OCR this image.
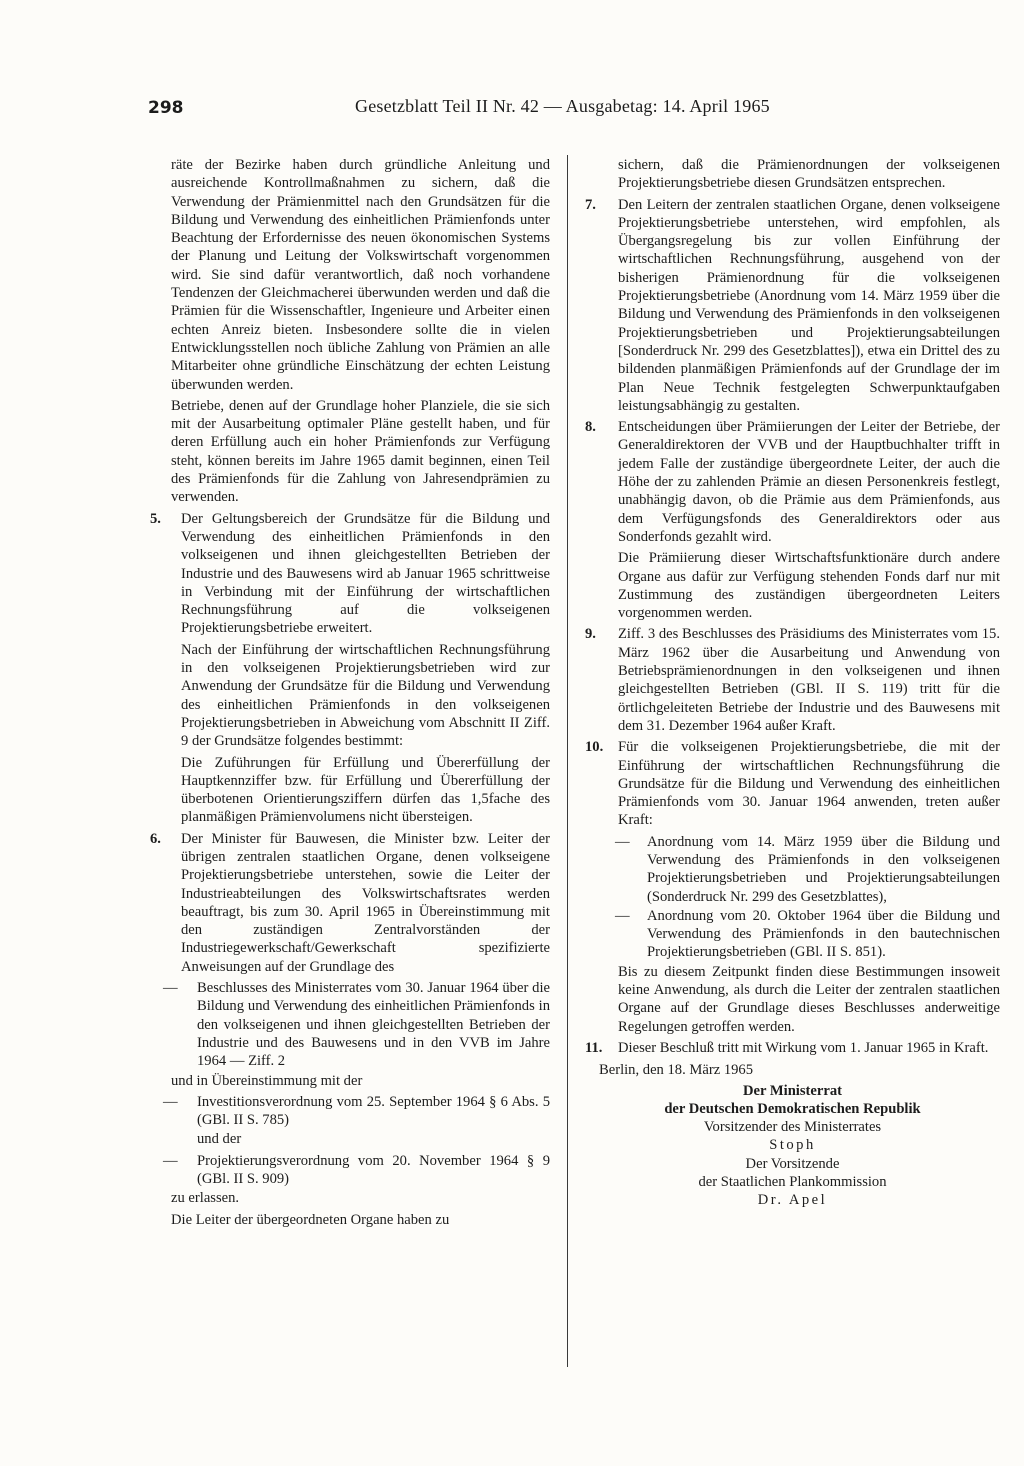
298	Gesetzblatt Teil II Nr. 42 — Ausgabetag: 14. April 1965

räte der Bezirke haben durch gründliche Anleitung und ausreichende Kontrollmaßnahmen zu sichern, daß die Verwendung der Prämienmittel nach den Grundsätzen für die Bildung und Verwendung des einheitlichen Prämienfonds unter Beachtung der Erfordernisse des neuen ökonomischen Systems der Planung und Leitung der Volkswirtschaft vorgenommen wird. Sie sind dafür verantwortlich, daß noch vorhandene Tendenzen der Gleichmacherei überwunden werden und daß die Prämien für die Wissenschaftler, Ingenieure und Arbeiter einen echten Anreiz bieten. Insbesondere sollte die in vielen Entwicklungsstellen noch übliche Zahlung von Prämien an alle Mitarbeiter ohne gründliche Einschätzung der echten Leistung überwunden werden.

Betriebe, denen auf der Grundlage hoher Planziele, die sie sich mit der Ausarbeitung optimaler Pläne gestellt haben, und für deren Erfüllung auch ein hoher Prämienfonds zur Verfügung steht, können bereits im Jahre 1965 damit beginnen, einen Teil des Prämienfonds für die Zahlung von Jahresendprämien zu verwenden.

5. Der Geltungsbereich der Grundsätze für die Bildung und Verwendung des einheitlichen Prämienfonds in den volkseigenen und ihnen gleichgestellten Betrieben der Industrie und des Bauwesens wird ab Januar 1965 schrittweise in Verbindung mit der Einführung der wirtschaftlichen Rechnungsführung auf die volkseigenen Projektierungsbetriebe erweitert.

Nach der Einführung der wirtschaftlichen Rechnungsführung in den volkseigenen Projektierungsbetrieben wird zur Anwendung der Grundsätze für die Bildung und Verwendung des einheitlichen Prämienfonds in den volkseigenen Projektierungsbetrieben in Abweichung vom Abschnitt II Ziff. 9 der Grundsätze folgendes bestimmt:

Die Zuführungen für Erfüllung und Übererfüllung der Hauptkennziffer bzw. für Erfüllung und Übererfüllung der überbotenen Orientierungsziffern dürfen das 1,5fache des planmäßigen Prämienvolumens nicht übersteigen.

6. Der Minister für Bauwesen, die Minister bzw. Leiter der übrigen zentralen staatlichen Organe, denen volkseigene Projektierungsbetriebe unterstehen, sowie die Leiter der Industrieabteilungen des Volkswirtschaftsrates werden beauftragt, bis zum 30. April 1965 in Übereinstimmung mit den zuständigen Zentralvorständen der Industriegewerkschaft/Gewerkschaft spezifizierte Anweisungen auf der Grundlage des

— Beschlusses des Ministerrates vom 30. Januar 1964 über die Bildung und Verwendung des einheitlichen Prämienfonds in den volkseigenen und ihnen gleichgestellten Betrieben der Industrie und des Bauwesens und in den VVB im Jahre 1964 — Ziff. 2

und in Übereinstimmung mit der

— Investitionsverordnung vom 25. September 1964 § 6 Abs. 5 (GBl. II S. 785)

und der

— Projektierungsverordnung vom 20. November 1964 § 9 (GBl. II S. 909)

zu erlassen.

Die Leiter der übergeordneten Organe haben zu

sichern, daß die Prämienordnungen der volkseigenen Projektierungsbetriebe diesen Grundsätzen entsprechen.

7. Den Leitern der zentralen staatlichen Organe, denen volkseigene Projektierungsbetriebe unterstehen, wird empfohlen, als Übergangsregelung bis zur vollen Einführung der wirtschaftlichen Rechnungsführung, ausgehend von der bisherigen Prämienordnung für die volkseigenen Projektierungsbetriebe (Anordnung vom 14. März 1959 über die Bildung und Verwendung des Prämienfonds in den volkseigenen Projektierungsbetrieben und Projektierungsabteilungen [Sonderdruck Nr. 299 des Gesetzblattes]), etwa ein Drittel des zu bildenden planmäßigen Prämienfonds auf der Grundlage der im Plan Neue Technik festgelegten Schwerpunktaufgaben leistungsabhängig zu gestalten.

8. Entscheidungen über Prämiierungen der Leiter der Betriebe, der Generaldirektoren der VVB und der Hauptbuchhalter trifft in jedem Falle der zuständige übergeordnete Leiter, der auch die Höhe der zu zahlenden Prämie an diesen Personenkreis festlegt, unabhängig davon, ob die Prämie aus dem Prämienfonds, aus dem Verfügungsfonds des Generaldirektors oder aus Sonderfonds gezahlt wird.

Die Prämiierung dieser Wirtschaftsfunktionäre durch andere Organe aus dafür zur Verfügung stehenden Fonds darf nur mit Zustimmung des zuständigen übergeordneten Leiters vorgenommen werden.

9. Ziff. 3 des Beschlusses des Präsidiums des Ministerrates vom 15. März 1962 über die Ausarbeitung und Anwendung von Betriebsprämienordnungen in den volkseigenen und ihnen gleichgestellten Betrieben (GBl. II S. 119) tritt für die örtlichgeleiteten Betriebe der Industrie und des Bauwesens mit dem 31. Dezember 1964 außer Kraft.

10. Für die volkseigenen Projektierungsbetriebe, die mit der Einführung der wirtschaftlichen Rechnungsführung die Grundsätze für die Bildung und Verwendung des einheitlichen Prämienfonds vom 30. Januar 1964 anwenden, treten außer Kraft:

— Anordnung vom 14. März 1959 über die Bildung und Verwendung des Prämienfonds in den volkseigenen Projektierungsbetrieben und Projektierungsabteilungen (Sonderdruck Nr. 299 des Gesetzblattes),
— Anordnung vom 20. Oktober 1964 über die Bildung und Verwendung des Prämienfonds in den bautechnischen Projektierungsbetrieben (GBl. II S. 851).

Bis zu diesem Zeitpunkt finden diese Bestimmungen insoweit keine Anwendung, als durch die Leiter der zentralen staatlichen Organe auf der Grundlage dieses Beschlusses anderweitige Regelungen getroffen werden.

11. Dieser Beschluß tritt mit Wirkung vom 1. Januar 1965 in Kraft.

Berlin, den 18. März 1965

Der Ministerrat

der Deutschen Demokratischen Republik

Vorsitzender des Ministerrates

Stoph

Der Vorsitzende

der Staatlichen Plankommission

Dr. Apel
